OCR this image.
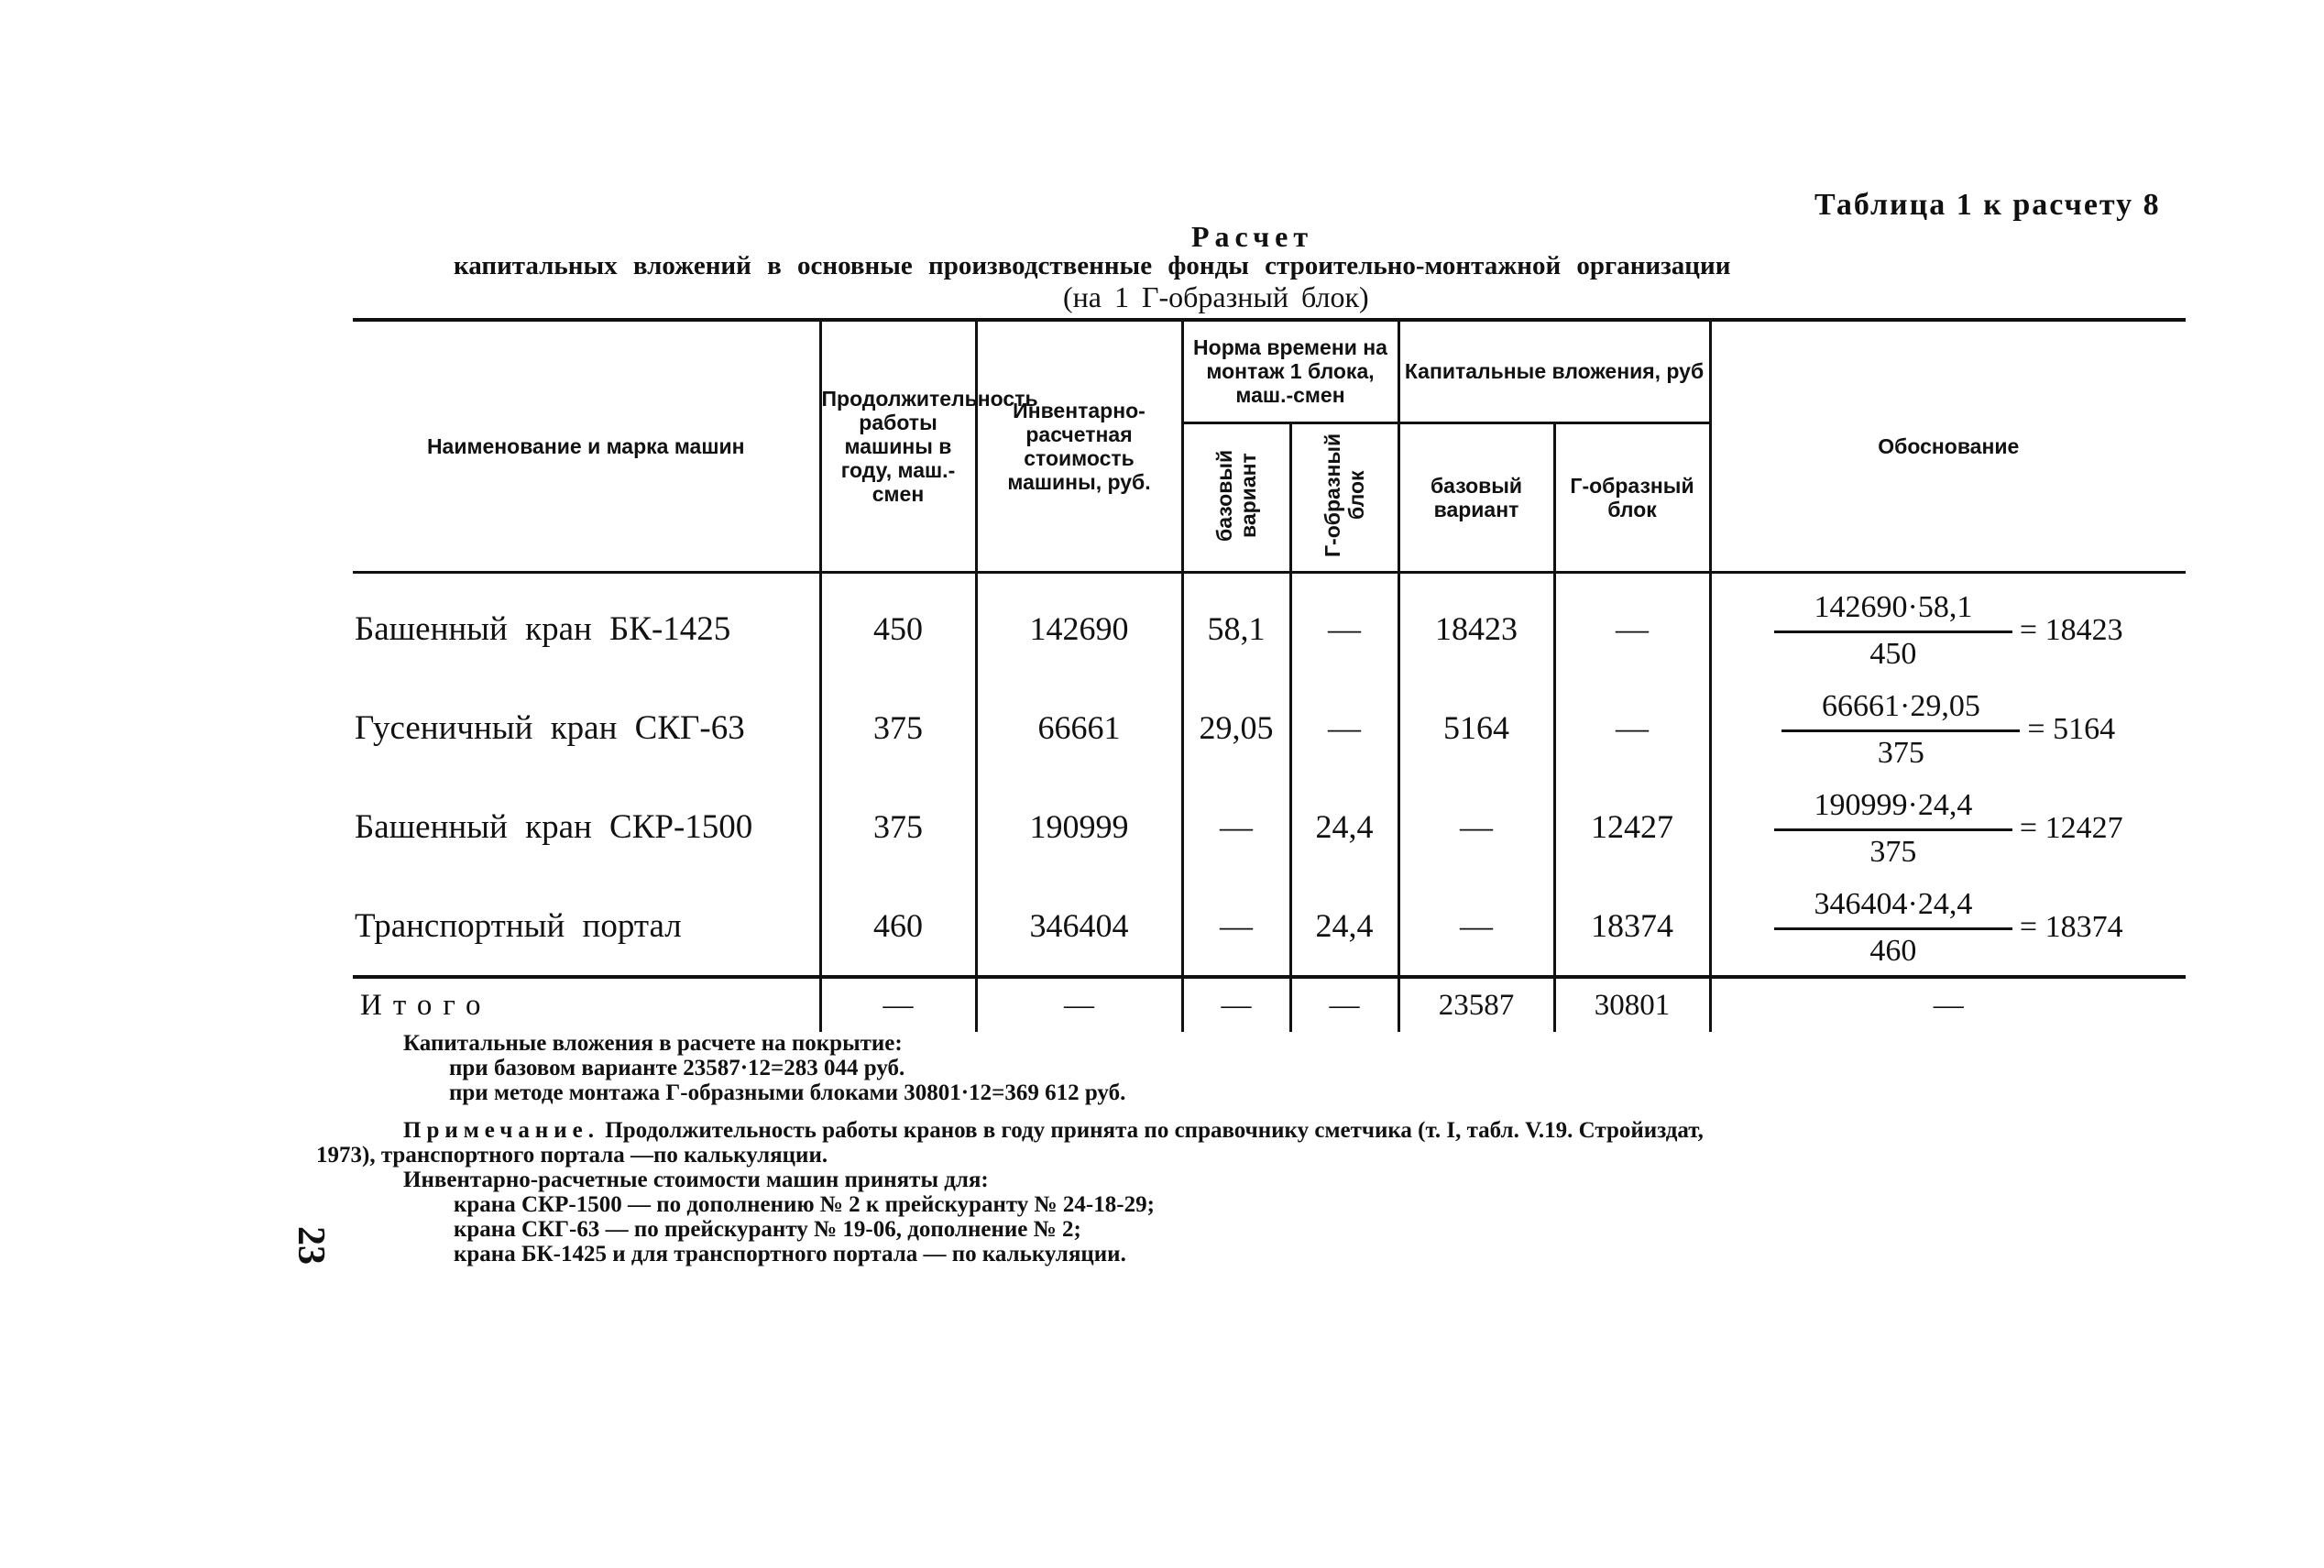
Таблица 1 к расчету 8
Расчет
капитальных вложений в основные производственные фонды строительно-монтажной организации
(на 1 Г-образный блок)
Наименование и марка машин	Продолжительность работы машины в году, маш.-смен	Инвентарно-расчетная стоимость машины, руб.	Норма времени на монтаж 1 блока, маш.-смен		Капитальные вложения, руб		Обоснование
			базовый вариант	Г-образный блок	базовый вариант	Г-образный блок	
Башенный кран БК-1425	450	142690	58,1	—	18423	—	$\frac{142690\cdot 58,1}{450} = 18423$

Гусеничный кран СКГ-63	375	66661	29,05	—	5164	—	$\frac{66661\cdot 29,05}{375} = 5164$

Башенный кран СКР-1500	375	190999	—	24,4	—	12427	$\frac{190999\cdot 24,4}{375} = 12427$

Транспортный портал	460	346404	—	24,4	—	18374	$\frac{346404\cdot 24,4}{460} = 18374$

Итого	—	—	—	—	23587	30801	—
Капитальные вложения в расчете на покрытие:
при базовом варианте 23587·12=283 044 руб.
при методе монтажа Г-образными блоками 30801·12=369 612 руб.
Примечание. Продолжительность работы кранов в году принята по справочнику сметчика (т. I, табл. V.19. Стройиздат,
1973), транспортного портала —по калькуляции.
Инвентарно-расчетные стоимости машин приняты для:
крана СКР-1500 — по дополнению № 2 к прейскуранту № 24-18-29;
крана СКГ-63 — по прейскуранту № 19-06, дополнение № 2;
крана БК-1425 и для транспортного портала — по калькуляции.
23
